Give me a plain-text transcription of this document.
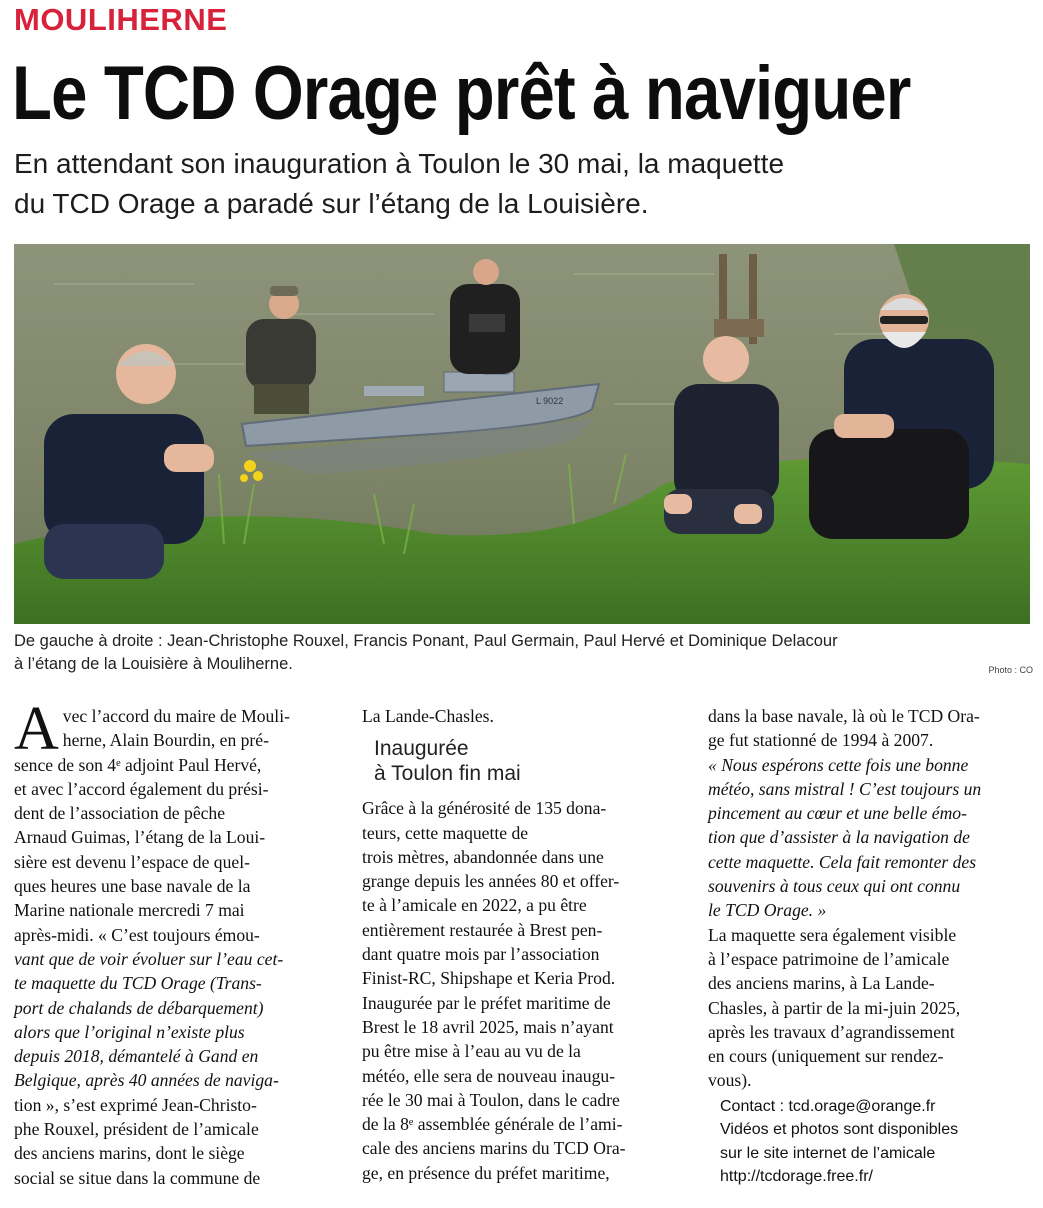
MOULIHERNE
Le TCD Orage prêt à naviguer
En attendant son inauguration à Toulon le 30 mai, la maquette
du TCD Orage a paradé sur l’étang de la Louisière.
L 9022
De gauche à droite : Jean-Christophe Rouxel, Francis Ponant, Paul Germain, Paul Hervé et Dominique Delacour
à l’étang de la Louisière à Mouliherne.	Photo : CO
A vec l’accord du maire de Mouli-
herne, Alain Bourdin, en pré-
sence de son 4ᵉ adjoint Paul Hervé,
et avec l’accord également du prési-
dent de l’association de pêche
Arnaud Guimas, l’étang de la Loui-
sière est devenu l’espace de quel-
ques heures une base navale de la
Marine nationale mercredi 7 mai
après-midi. « C’est toujours émou-
vant que de voir évoluer sur l’eau cet-
te maquette du TCD Orage (Trans-
port de chalands de débarquement)
alors que l’original n’existe plus
depuis 2018, démantelé à Gand en
Belgique, après 40 années de naviga-
tion », s’est exprimé Jean-Christo-
phe Rouxel, président de l’amicale
des anciens marins, dont le siège
social se situe dans la commune de
La Lande-Chasles.
Inaugurée
à Toulon fin mai
Grâce à la générosité de 135 dona-
teurs, cette maquette de
trois mètres, abandonnée dans une
grange depuis les années 80 et offer-
te à l’amicale en 2022, a pu être
entièrement restaurée à Brest pen-
dant quatre mois par l’association
Finist-RC, Shipshape et Keria Prod.
Inaugurée par le préfet maritime de
Brest le 18 avril 2025, mais n’ayant
pu être mise à l’eau au vu de la
météo, elle sera de nouveau inaugu-
rée le 30 mai à Toulon, dans le cadre
de la 8ᵉ assemblée générale de l’ami-
cale des anciens marins du TCD Ora-
ge, en présence du préfet maritime,
dans la base navale, là où le TCD Ora-
ge fut stationné de 1994 à 2007.
« Nous espérons cette fois une bonne
météo, sans mistral ! C’est toujours un
pincement au cœur et une belle émo-
tion que d’assister à la navigation de
cette maquette. Cela fait remonter des
souvenirs à tous ceux qui ont connu
le TCD Orage. »
La maquette sera également visible
à l’espace patrimoine de l’amicale
des anciens marins, à La Lande-
Chasles, à partir de la mi-juin 2025,
après les travaux d’agrandissement
en cours (uniquement sur rendez-
vous).
Contact : tcd.orage@orange.fr
Vidéos et photos sont disponibles
sur le site internet de l’amicale
http://tcdorage.free.fr/
